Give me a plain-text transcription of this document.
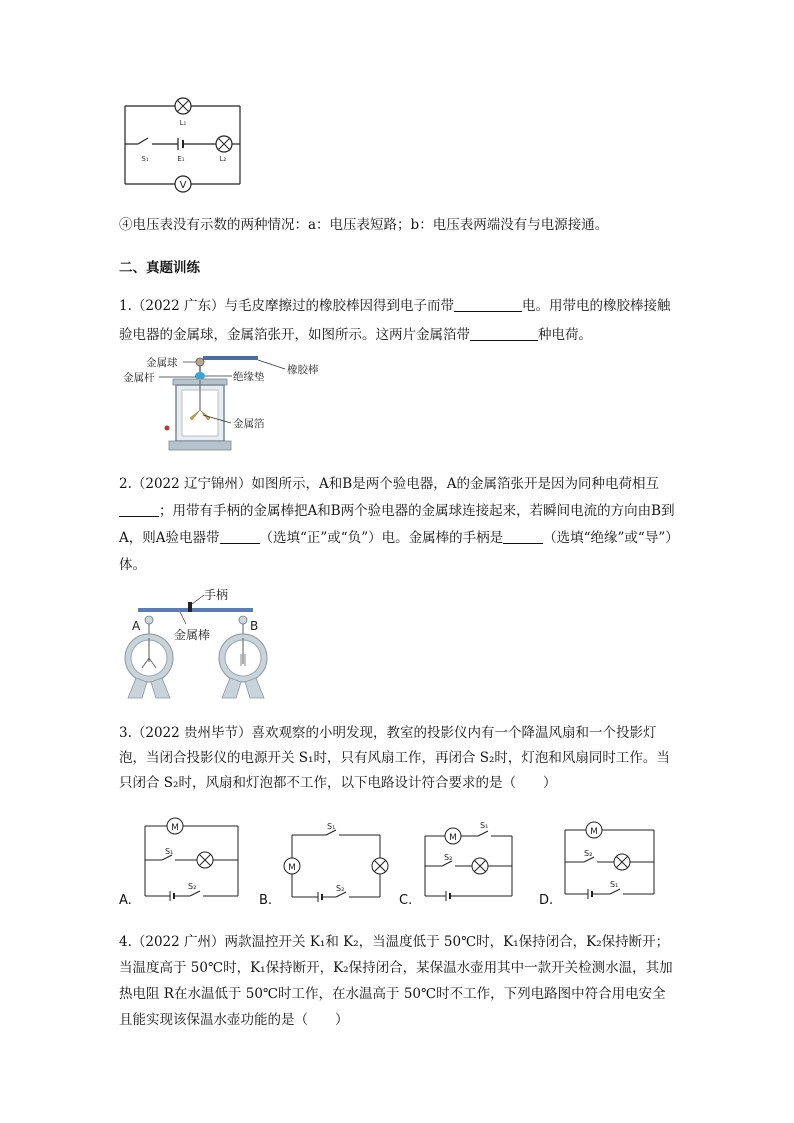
V
L₁
S₁	E₁	L₂

④电压表没有示数的两种情况：a：电压表短路；b：电压表两端没有与电源接通。

二、真题训练

1.（2022 广东）与毛皮摩擦过的橡胶棒因得到电子而带	电。用带电的橡胶棒接触验电器的金属球，金属箔张开，如图所示。这两片金属箔带	种电荷。

金属球
金属杆
橡胶棒
绝缘垫
金属箔

2.（2022 辽宁锦州）如图所示，A和B是两个验电器，A的金属箔张开是因为同种电荷相互；用带有手柄的金属棒把A和B两个验电器的金属球连接起来，若瞬间电流的方向由B到A，则A验电器带	（选填“正”或“负”）电。金属棒的手柄是	（选填“绝缘”或“导”）体。

手柄
A	B
金属棒

3.（2022 贵州毕节）喜欢观察的小明发现，教室的投影仪内有一个降温风扇和一个投影灯泡，当闭合投影仪的电源开关 S₁时，只有风扇工作，再闭合 S₂时，灯泡和风扇同时工作。当只闭合 S₂时，风扇和灯泡都不工作，以下电路设计符合要求的是（　　）

M
S₁
S₂
A.
M
S₁
S₂
B.
M
S₁
S₂
C.
M
S₂
S₁
D.

4.（2022 广州）两款温控开关 K₁和 K₂，当温度低于 50℃时，K₁保持闭合，K₂保持断开；当温度高于 50℃时，K₁保持断开，K₂保持闭合，某保温水壶用其中一款开关检测水温，其加热电阻 R在水温低于 50℃时工作，在水温高于 50℃时不工作，下列电路图中符合用电安全且能实现该保温水壶功能的是（　　）
